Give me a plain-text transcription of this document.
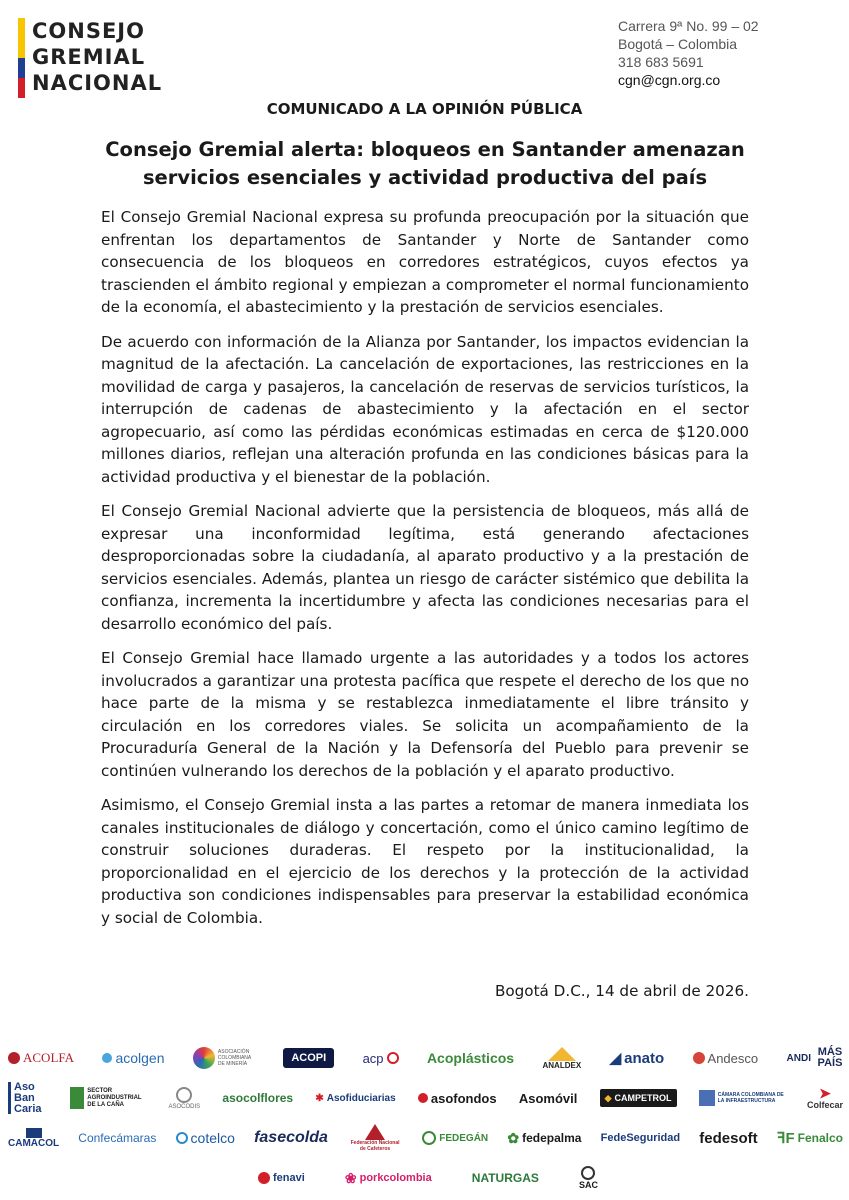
CONSEJO
GREMIAL
NACIONAL
Carrera 9ª No. 99 – 02
Bogotá – Colombia
318 683 5691
cgn@cgn.org.co
COMUNICADO A LA OPINIÓN PÚBLICA
Consejo Gremial alerta: bloqueos en Santander amenazan
servicios esenciales y actividad productiva del país

El Consejo Gremial Nacional expresa su profunda preocupación por la situación que enfrentan los departamentos de Santander y Norte de Santander como consecuencia de los bloqueos en corredores estratégicos, cuyos efectos ya trascienden el ámbito regional y empiezan a comprometer el normal funcionamiento de la economía, el abastecimiento y la prestación de servicios esenciales.

De acuerdo con información de la Alianza por Santander, los impactos evidencian la magnitud de la afectación. La cancelación de exportaciones, las restricciones en la movilidad de carga y pasajeros, la cancelación de reservas de servicios turísticos, la interrupción de cadenas de abastecimiento y la afectación en el sector agropecuario, así como las pérdidas económicas estimadas en cerca de $120.000 millones diarios, reflejan una alteración profunda en las condiciones básicas para la actividad productiva y el bienestar de la población.

El Consejo Gremial Nacional advierte que la persistencia de bloqueos, más allá de expresar una inconformidad legítima, está generando afectaciones desproporcionadas sobre la ciudadanía, al aparato productivo y a la prestación de servicios esenciales. Además, plantea un riesgo de carácter sistémico que debilita la confianza, incrementa la incertidumbre y afecta las condiciones necesarias para el desarrollo económico del país.

El Consejo Gremial hace llamado urgente a las autoridades y a todos los actores involucrados a garantizar una protesta pacífica que respete el derecho de los que no hace parte de la misma y se restablezca inmediatamente el libre tránsito y circulación en los corredores viales. Se solicita un acompañamiento de la Procuraduría General de la Nación y la Defensoría del Pueblo para prevenir se continúen vulnerando los derechos de la población y el aparato productivo.

Asimismo, el Consejo Gremial insta a las partes a retomar de manera inmediata los canales institucionales de diálogo y concertación, como el único camino legítimo de construir soluciones duraderas. El respeto por la institucionalidad, la proporcionalidad en el ejercicio de los derechos y la protección de la actividad productiva son condiciones indispensables para preservar la estabilidad económica y social de Colombia.

Bogotá D.C., 14 de abril de 2026.
ACOLFA	acolgen	ASOCIACIÓN COLOMBIANA DE MINERÍA	ACOPI	acp	Acoplásticos	ANALDEX ◢ anato	Andesco	ANDI MÁS PAÍS
Aso Ban Caria
SECTOR AGROINDUSTRIAL DE LA CAÑA	ASOCODIS
asocolflores ✱ Asofiduciarias	asofondos Asomóvil	◆ CAMPETROL	CÁMARA COLOMBIANA DE LA INFRAESTRUCTURA	➤
Colfecar
CAMACOL Confecámaras cotelco fasecolda	Federación Nacional de Cafeteros
FEDEGÁN ✿ fedepalma FedeSeguridad fedesoft ꟻF Fenalco
fenavi	❀ porkcolombia	NATURGAS	SAC
